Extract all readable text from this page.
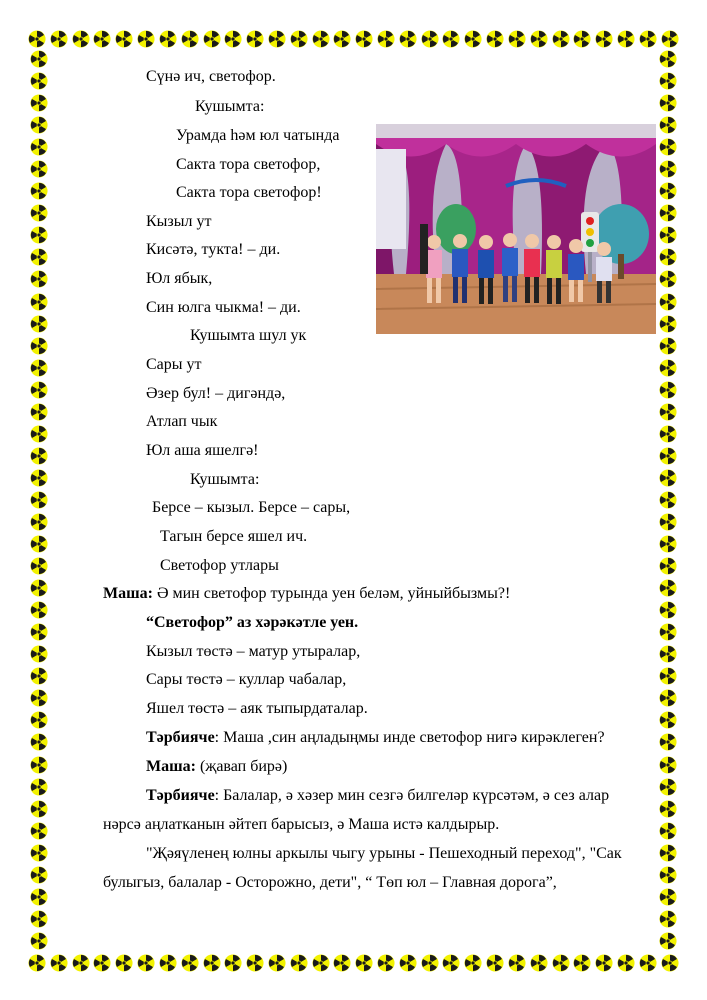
Сүнә ич, светофор.
Кушымта:
Урамда һәм юл чатында
Сакта тора светофор,
Сакта тора светофор!
Кызыл ут
Кисәтә, тукта! – ди.
Юл ябык,
Син юлга чыкма! – ди.
Кушымта шул ук
Сары ут
Әзер бул! – дигәндә,
Атлап чык
Юл аша яшелгә!
Кушымта:
Берсе – кызыл. Берсе – сары,
Тагын берсе яшел ич.
Светофор утлары
Маша: Ә мин светофор турында уен беләм, уйныйбызмы?!
“Светофор” аз хәрәкәтле уен.
Кызыл төстә – матур утыралар,
Сары төстә – куллар чабалар,
Яшел төстә – аяк тыпырдаталар.
Тәрбияче: Маша ,син аңладыңмы инде светофор нигә кирәклеген?
Маша: (җавап бирә)
Тәрбияче: Балалар, ә хәзер мин сезгә билгеләр күрсәтәм, ә сез алар
нәрсә аңлатканын әйтеп барысыз, ә Маша истә калдырыр.
"Җәяүленең юлны аркылы чыгу урыны - Пешеходный переход", "Сак
булыгыз, балалар - Осторожно, дети", “ Төп юл – Главная дорога”,
